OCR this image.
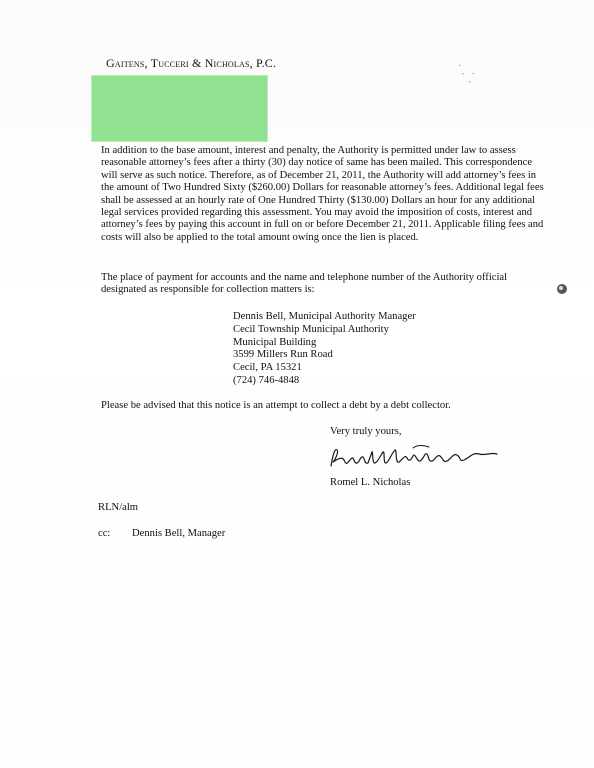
Gaitens, Tucceri & Nicholas, P.C.	˙ˎ
ˏ˙

In addition to the base amount, interest and penalty, the Authority is permitted under law to assess reasonable attorney’s fees after a thirty (30) day notice of same has been mailed. This correspondence will serve as such notice. Therefore, as of December 21, 2011, the Authority will add attorney’s fees in the amount of Two Hundred Sixty ($260.00) Dollars for reasonable attorney’s fees. Additional legal fees shall be assessed at an hourly rate of One Hundred Thirty ($130.00) Dollars an hour for any additional legal services provided regarding this assessment. You may avoid the imposition of costs, interest and attorney’s fees by paying this account in full on or before December 21, 2011. Applicable filing fees and costs will also be applied to the total amount owing once the lien is placed.

The place of payment for accounts and the name and telephone number of the Authority official designated as responsible for collection matters is:

Dennis Bell, Municipal Authority Manager
Cecil Township Municipal Authority
Municipal Building
3599 Millers Run Road
Cecil, PA 15321
(724) 746-4848
Please be advised that this notice is an attempt to collect a debt by a debt collector.
Very truly yours,
Romel L. Nicholas
RLN/alm
cc: Dennis Bell, Manager
